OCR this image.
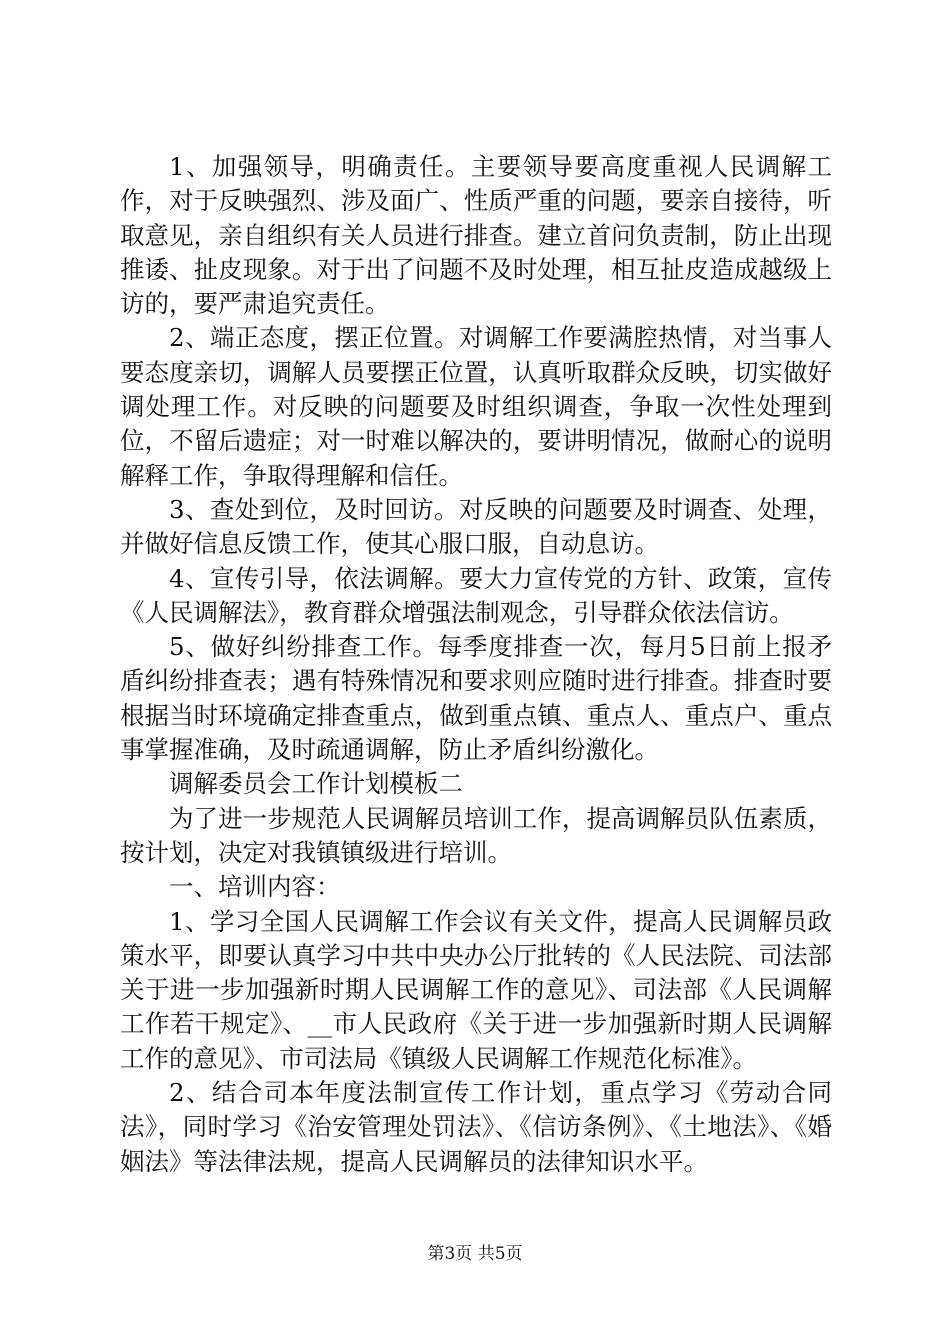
1、加强领导，明确责任。主要领导要高度重视人民调解工作，对于反映强烈、涉及面广、性质严重的问题，要亲自接待，听取意见，亲自组织有关人员进行排查。建立首问负责制，防止出现推诿、扯皮现象。对于出了问题不及时处理，相互扯皮造成越级上访的，要严肃追究责任。

2、端正态度，摆正位置。对调解工作要满腔热情，对当事人要态度亲切，调解人员要摆正位置，认真听取群众反映，切实做好调处理工作。对反映的问题要及时组织调查，争取一次性处理到位，不留后遗症；对一时难以解决的，要讲明情况，做耐心的说明解释工作，争取得理解和信任。

3、查处到位，及时回访。对反映的问题要及时调查、处理，并做好信息反馈工作，使其心服口服，自动息访。

4、宣传引导，依法调解。要大力宣传党的方针、政策，宣传《人民调解法》，教育群众增强法制观念，引导群众依法信访。

5、做好纠纷排查工作。每季度排查一次，每月5日前上报矛盾纠纷排查表；遇有特殊情况和要求则应随时进行排查。排查时要根据当时环境确定排查重点，做到重点镇、重点人、重点户、重点事掌握准确，及时疏通调解，防止矛盾纠纷激化。

调解委员会工作计划模板二

为了进一步规范人民调解员培训工作，提高调解员队伍素质，按计划，决定对我镇镇级进行培训。

一、培训内容：

1、学习全国人民调解工作会议有关文件，提高人民调解员政策水平，即要认真学习中共中央办公厅批转的《人民法院、司法部关于进一步加强新时期人民调解工作的意见》、司法部《人民调解工作若干规定》、__市人民政府《关于进一步加强新时期人民调解工作的意见》、市司法局《镇级人民调解工作规范化标准》。

2、结合司本年度法制宣传工作计划，重点学习《劳动合同法》，同时学习《治安管理处罚法》、《信访条例》、《土地法》、《婚姻法》等法律法规，提高人民调解员的法律知识水平。

第3页 共5页
